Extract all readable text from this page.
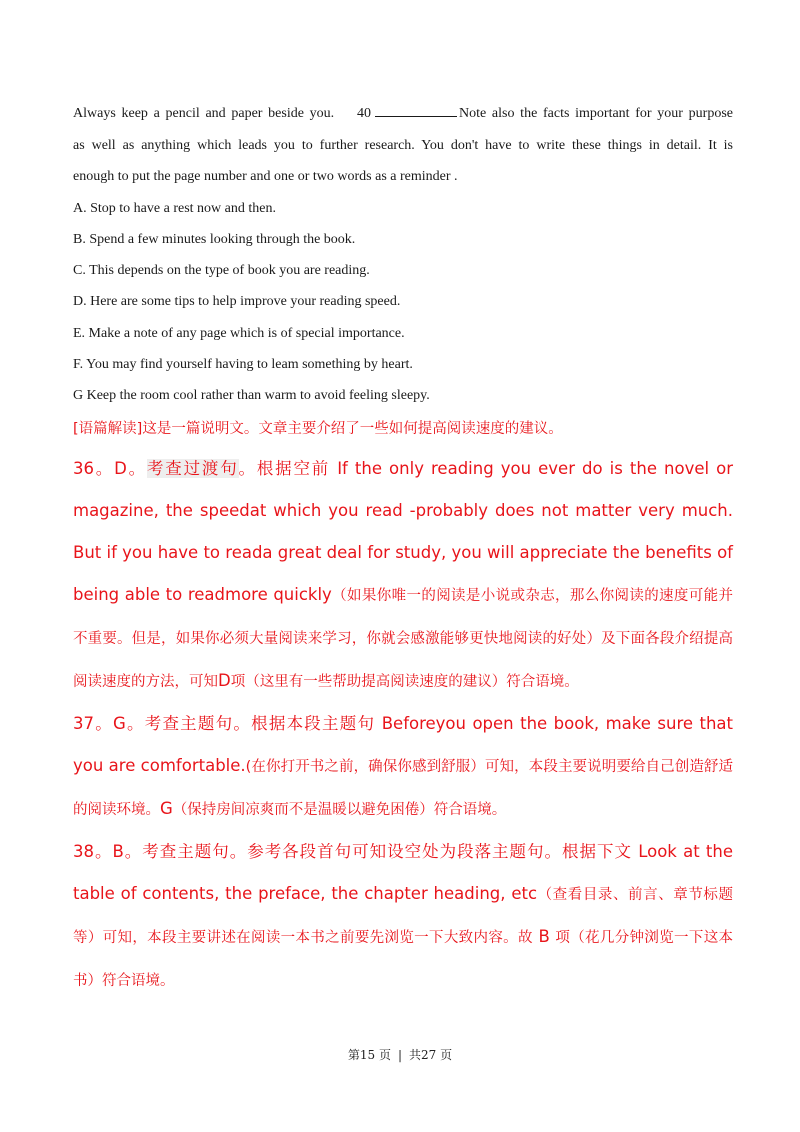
Always keep a pencil and paper beside you. 40	Note also the facts important for your purpose

as well as anything which leads you to further research. You don't have to write these things in detail. It is

enough to put the page number and one or two words as a reminder .

A. Stop to have a rest now and then.
B. Spend a few minutes looking through the book.
C. This depends on the type of book you are reading.
D. Here are some tips to help improve your reading speed.
E. Make a note of any page which is of special importance.
F. You may find yourself having to leam something by heart.
G Keep the room cool rather than warm to avoid feeling sleepy.
[语篇解读]这是一篇说明文。文章主要介绍了一些如何提高阅读速度的建议。
36。D。考查过渡句。根据空前 If the only reading you ever do is the novel or magazine, the speedat which you read -probably does not matter very much. But if you have to reada great deal for study, you will appreciate the benefits of being able to readmore quickly（如果你唯一的阅读是小说或杂志，那么你阅读的速度可能并不重要。但是，如果你必须大量阅读来学习，你就会感激能够更快地阅读的好处）及下面各段介绍提高阅读速度的方法，可知D项（这里有一些帮助提高阅读速度的建议）符合语境。
37。G。考查主题句。根据本段主题句 Beforeyou open the book, make sure that you are comfortable.(在你打开书之前，确保你感到舒服）可知，本段主要说明要给自己创造舒适的阅读环境。G（保持房间凉爽而不是温暖以避免困倦）符合语境。
38。B。考查主题句。参考各段首句可知设空处为段落主题句。根据下文 Look at the table of contents, the preface, the chapter heading, etc（查看目录、前言、章节标题等）可知，本段主要讲述在阅读一本书之前要先浏览一下大致内容。故 B 项（花几分钟浏览一下这本书）符合语境。
第15 页 | 共27 页
